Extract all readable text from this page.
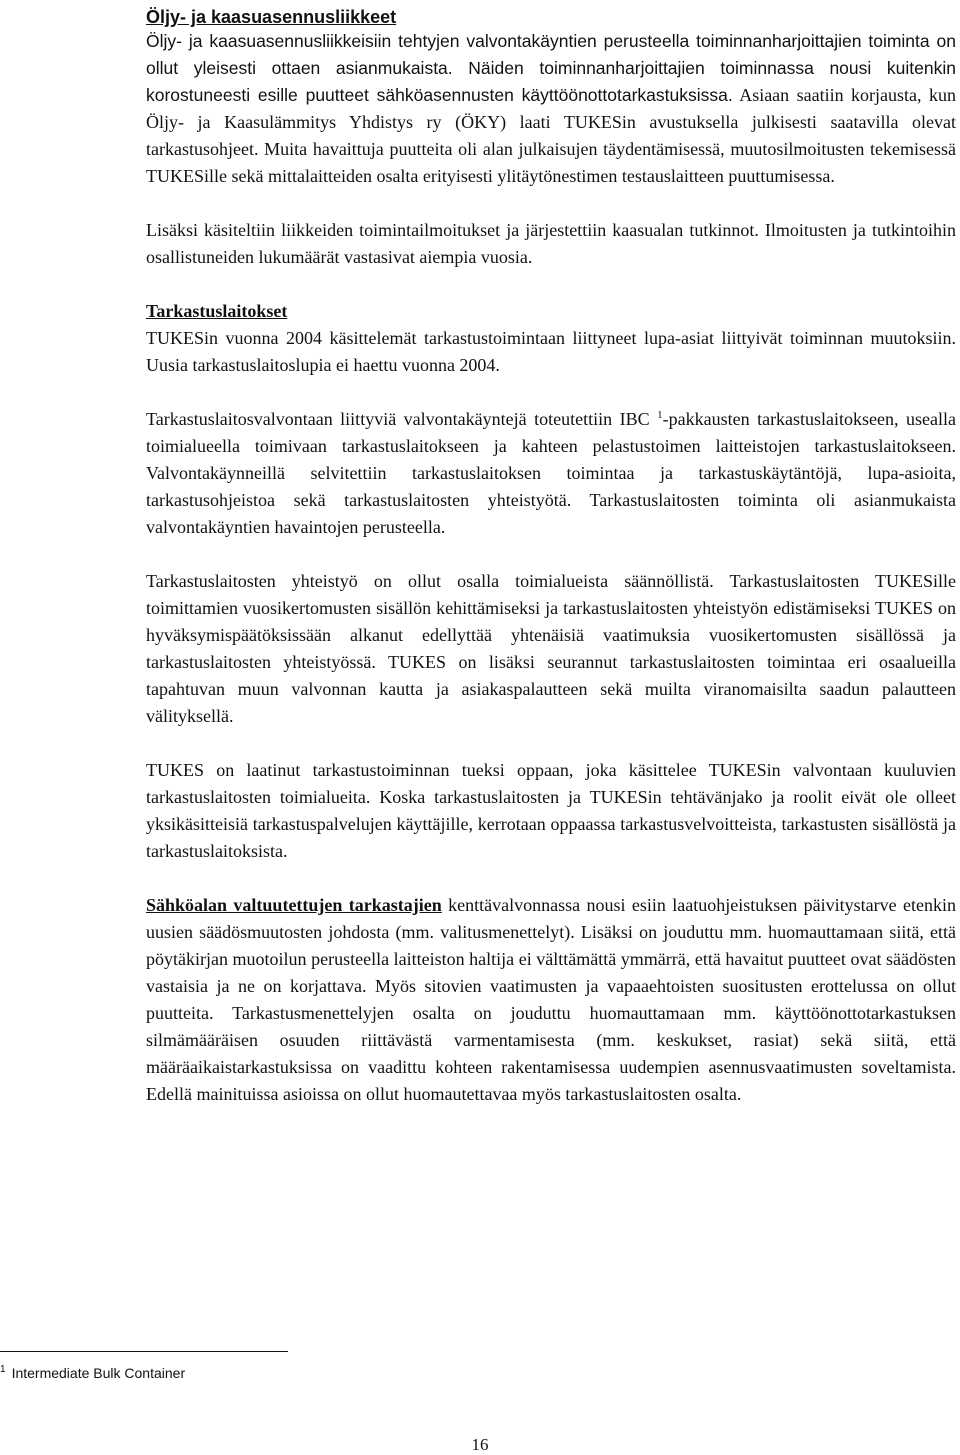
Öljy- ja kaasuasennusliikkeet

Öljy- ja kaasuasennusliikkeisiin tehtyjen valvontakäyntien perusteella toiminnanharjoittajien toiminta on ollut yleisesti ottaen asianmukaista. Näiden toiminnanharjoittajien toiminnassa nousi kuitenkin korostuneesti esille puutteet sähköasennusten käyttöönottotarkastuksissa. Asiaan saatiin korjausta, kun Öljy- ja Kaasulämmitys Yhdistys ry (ÖKY) laati TUKESin avustuksella julkisesti saatavilla olevat tarkastusohjeet. Muita havaittuja puutteita oli alan julkaisujen täydentämisessä, muutosilmoitusten tekemisessä TUKESille sekä mittalaitteiden osalta erityisesti ylitäytönestimen testauslaitteen puuttumisessa.

Lisäksi käsiteltiin liikkeiden toimintailmoitukset ja järjestettiin kaasualan tutkinnot. Ilmoitusten ja tutkintoihin osallistuneiden lukumäärät vastasivat aiempia vuosia.

Tarkastuslaitokset

TUKESin vuonna 2004 käsittelemät tarkastustoimintaan liittyneet lupa-asiat liittyivät toiminnan muutoksiin. Uusia tarkastuslaitoslupia ei haettu vuonna 2004.

Tarkastuslaitosvalvontaan liittyviä valvontakäyntejä toteutettiin IBC $^1$-pakkausten tarkastuslaitokseen, usealla toimialueella toimivaan tarkastuslaitokseen ja kahteen pelastustoimen laitteistojen tarkastuslaitokseen. Valvontakäynneillä selvitettiin tarkastuslaitoksen toimintaa ja tarkastuskäytäntöjä, lupa-asioita, tarkastusohjeistoa sekä tarkastuslaitosten yhteistyötä. Tarkastuslaitosten toiminta oli asianmukaista valvontakäyntien havaintojen perusteella.

Tarkastuslaitosten yhteistyö on ollut osalla toimialueista säännöllistä. Tarkastuslaitosten TUKESille toimittamien vuosikertomusten sisällön kehittämiseksi ja tarkastuslaitosten yhteistyön edistämiseksi TUKES on hyväksymispäätöksissään alkanut edellyttää yhtenäisiä vaatimuksia vuosikertomusten sisällössä ja tarkastuslaitosten yhteistyössä. TUKES on lisäksi seurannut tarkastuslaitosten toimintaa eri osaalueilla tapahtuvan muun valvonnan kautta ja asiakaspalautteen sekä muilta viranomaisilta saadun palautteen välityksellä.

TUKES on laatinut tarkastustoiminnan tueksi oppaan, joka käsittelee TUKESin valvontaan kuuluvien tarkastuslaitosten toimialueita. Koska tarkastuslaitosten ja TUKESin tehtävänjako ja roolit eivät ole olleet yksikäsitteisiä tarkastuspalvelujen käyttäjille, kerrotaan oppaassa tarkastusvelvoitteista, tarkastusten sisällöstä ja tarkastuslaitoksista.

Sähköalan valtuutettujen tarkastajien kenttävalvonnassa nousi esiin laatuohjeistuksen päivitystarve etenkin uusien säädösmuutosten johdosta (mm. valitusmenettelyt). Lisäksi on jouduttu mm. huomauttamaan siitä, että pöytäkirjan muotoilun perusteella laitteiston haltija ei välttämättä ymmärrä, että havaitut puutteet ovat säädösten vastaisia ja ne on korjattava. Myös sitovien vaatimusten ja vapaaehtoisten suositusten erottelussa on ollut puutteita. Tarkastusmenettelyjen osalta on jouduttu huomauttamaan mm. käyttöönottotarkastuksen silmämääräisen osuuden riittävästä varmentamisesta (mm. keskukset, rasiat) sekä siitä, että määräaikaistarkastuksissa on vaadittu kohteen rakentamisessa uudempien asennusvaatimusten soveltamista. Edellä mainituissa asioissa on ollut huomautettavaa myös tarkastuslaitosten osalta.

$^1$ Intermediate Bulk Container
16
